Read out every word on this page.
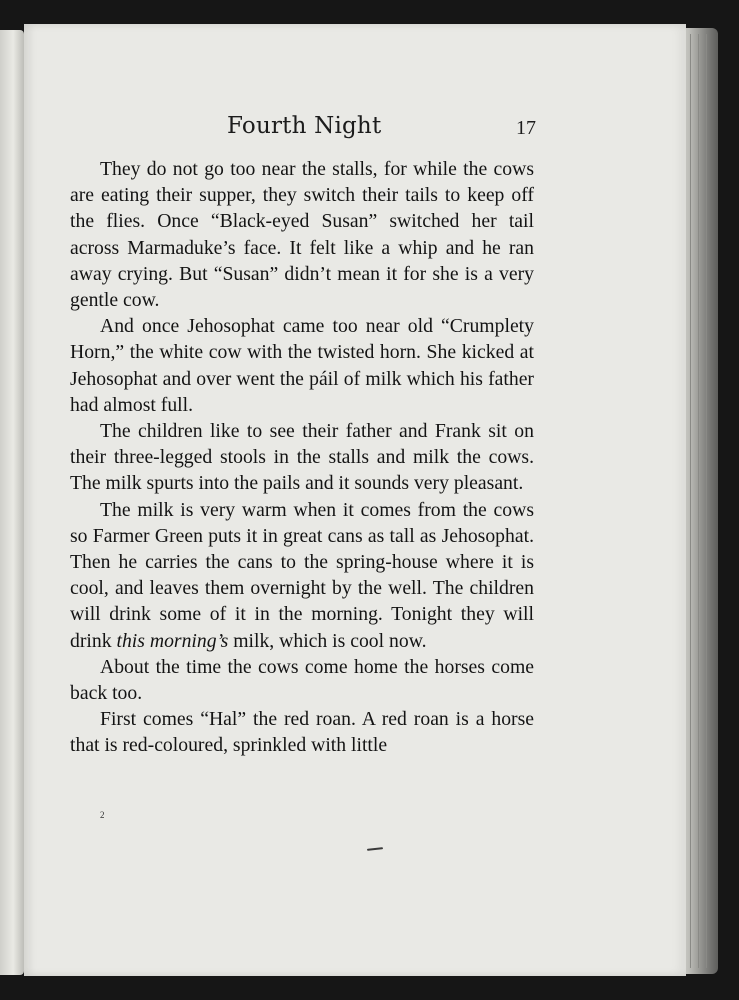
Fourth Night	17

They do not go too near the stalls, for while the cows are eating their supper, they switch their tails to keep off the flies. Once “Black-eyed Susan” switched her tail across Marmaduke’s face. It felt like a whip and he ran away crying. But “Susan” didn’t mean it for she is a very gentle cow.

And once Jehosophat came too near old “Crumplety Horn,” the white cow with the twisted horn. She kicked at Jehosophat and over went the páil of milk which his father had almost full.

The children like to see their father and Frank sit on their three-legged stools in the stalls and milk the cows. The milk spurts into the pails and it sounds very pleasant.

The milk is very warm when it comes from the cows so Farmer Green puts it in great cans as tall as Jehosophat. Then he carries the cans to the spring-house where it is cool, and leaves them overnight by the well. The children will drink some of it in the morning. Tonight they will drink this morning’s milk, which is cool now.

About the time the cows come home the horses come back too.

First comes “Hal” the red roan. A red roan is a horse that is red-coloured, sprinkled with little

2
